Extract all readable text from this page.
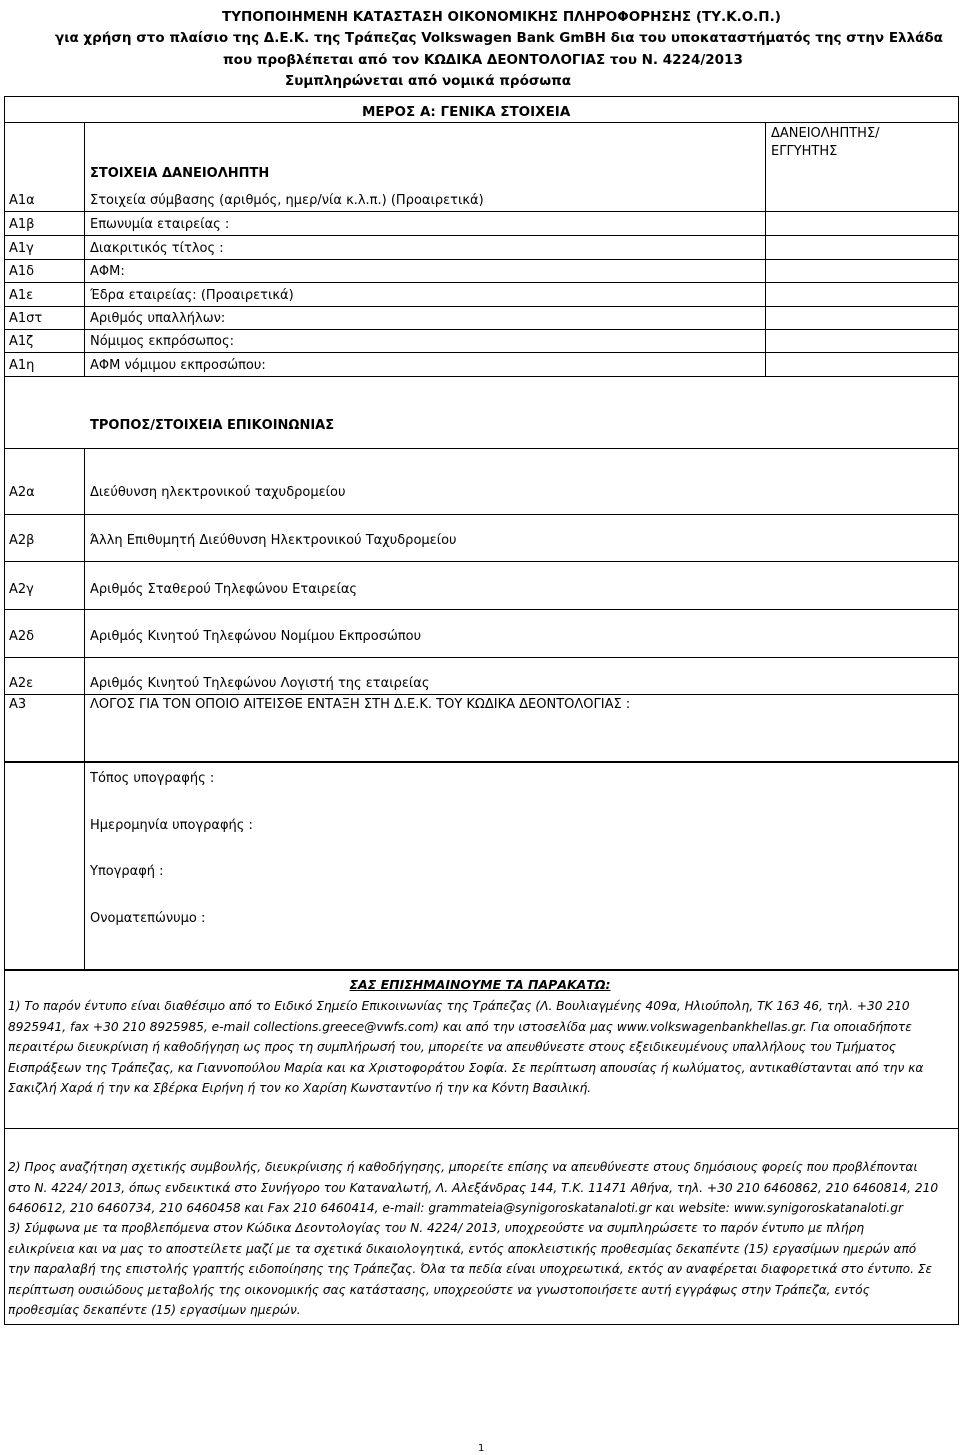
ΤΥΠΟΠΟΙΗΜΕΝΗ ΚΑΤΑΣΤΑΣΗ ΟΙΚΟΝΟΜΙΚΗΣ ΠΛΗΡΟΦΟΡΗΣΗΣ (ΤΥ.Κ.Ο.Π.)
για χρήση στο πλαίσιο της Δ.Ε.Κ. της Τράπεζας Volkswagen Bank GmBH δια του υποκαταστήματός της στην Ελλάδα
που προβλέπεται από τον ΚΩΔΙΚΑ ΔΕΟΝΤΟΛΟΓΙΑΣ του Ν. 4224/2013
Συμπληρώνεται από νομικά πρόσωπα
ΜΕΡΟΣ Α: ΓΕΝΙΚΑ ΣΤΟΙΧΕΙΑ
ΔΑΝΕΙΟΛΗΠΤΗΣ/
ΕΓΓΥΗΤΗΣ
ΣΤΟΙΧΕΙΑ ΔΑΝΕΙΟΛΗΠΤΗ
Α1α	Στοιχεία σύμβασης (αριθμός, ημερ/νία κ.λ.π.) (Προαιρετικά)
Α1β	Επωνυμία εταιρείας :
Α1γ	Διακριτικός τίτλος :
Α1δ	ΑΦΜ:
Α1ε	Έδρα εταιρείας: (Προαιρετικά)
Α1στ	Αριθμός υπαλλήλων:
Α1ζ	Νόμιμος εκπρόσωπος:
Α1η	ΑΦΜ νόμιμου εκπροσώπου:
ΤΡΟΠΟΣ/ΣΤΟΙΧΕΙΑ ΕΠΙΚΟΙΝΩΝΙΑΣ
Α2α	Διεύθυνση ηλεκτρονικού ταχυδρομείου
Α2β	Άλλη Επιθυμητή Διεύθυνση Ηλεκτρονικού Ταχυδρομείου
Α2γ	Αριθμός Σταθερού Τηλεφώνου Εταιρείας
Α2δ	Αριθμός Κινητού Τηλεφώνου Νομίμου Εκπροσώπου
Α2ε	Αριθμός Κινητού Τηλεφώνου Λογιστή της εταιρείας
Α3	ΛΟΓΟΣ ΓΙΑ ΤΟΝ ΟΠΟΙΟ ΑΙΤΕΙΣΘΕ ΕΝΤΑΞΗ ΣΤΗ Δ.Ε.Κ. ΤΟΥ ΚΩΔΙΚΑ ΔΕΟΝΤΟΛΟΓΙΑΣ :
Τόπος υπογραφής :
Ημερομηνία υπογραφής :
Υπογραφή :
Ονοματεπώνυμο :
ΣΑΣ ΕΠΙΣΗΜΑΙΝΟΥΜΕ ΤΑ ΠΑΡΑΚΑΤΩ:
1) Το παρόν έντυπο είναι διαθέσιμο από το Ειδικό Σημείο Επικοινωνίας της Τράπεζας (Λ. Βουλιαγμένης 409α, Ηλιούπολη, ΤΚ 163 46, τηλ. +30 210
8925941, fax +30 210 8925985, e-mail collections.greece@vwfs.com) και από την ιστοσελίδα μας www.volkswagenbankhellas.gr. Για οποιαδήποτε
περαιτέρω διευκρίνιση ή καθοδήγηση ως προς τη συμπλήρωσή του, μπορείτε να απευθύνεστε στους εξειδικευμένους υπαλλήλους του Τμήματος
Εισπράξεων της Τράπεζας, κα Γιαννοπούλου Μαρία και κα Χριστοφοράτου Σοφία. Σε περίπτωση απουσίας ή κωλύματος, αντικαθίστανται από την κα
Σακιζλή Χαρά ή την κα Σβέρκα Ειρήνη ή τον κο Χαρίση Κωνσταντίνο ή την κα Κόντη Βασιλική.
2) Προς αναζήτηση σχετικής συμβουλής, διευκρίνισης ή καθοδήγησης, μπορείτε επίσης να απευθύνεστε στους δημόσιους φορείς που προβλέπονται
στο Ν. 4224/ 2013, όπως ενδεικτικά στο Συνήγορο του Καταναλωτή, Λ. Αλεξάνδρας 144, Τ.Κ. 11471 Αθήνα, τηλ. +30 210 6460862, 210 6460814, 210
6460612, 210 6460734, 210 6460458 και Fax 210 6460414, e-mail: grammateia@synigoroskatanaloti.gr και website: www.synigoroskatanaloti.gr
3) Σύμφωνα με τα προβλεπόμενα στον Κώδικα Δεοντολογίας του Ν. 4224/ 2013, υποχρεούστε να συμπληρώσετε το παρόν έντυπο με πλήρη
ειλικρίνεια και να μας το αποστείλετε μαζί με τα σχετικά δικαιολογητικά, εντός αποκλειστικής προθεσμίας δεκαπέντε (15) εργασίμων ημερών από
την παραλαβή της επιστολής γραπτής ειδοποίησης της Τράπεζας. Όλα τα πεδία είναι υποχρεωτικά, εκτός αν αναφέρεται διαφορετικά στο έντυπο. Σε
περίπτωση ουσιώδους μεταβολής της οικονομικής σας κατάστασης, υποχρεούστε να γνωστοποιήσετε αυτή εγγράφως στην Τράπεζα, εντός
προθεσμίας δεκαπέντε (15) εργασίμων ημερών.
1
